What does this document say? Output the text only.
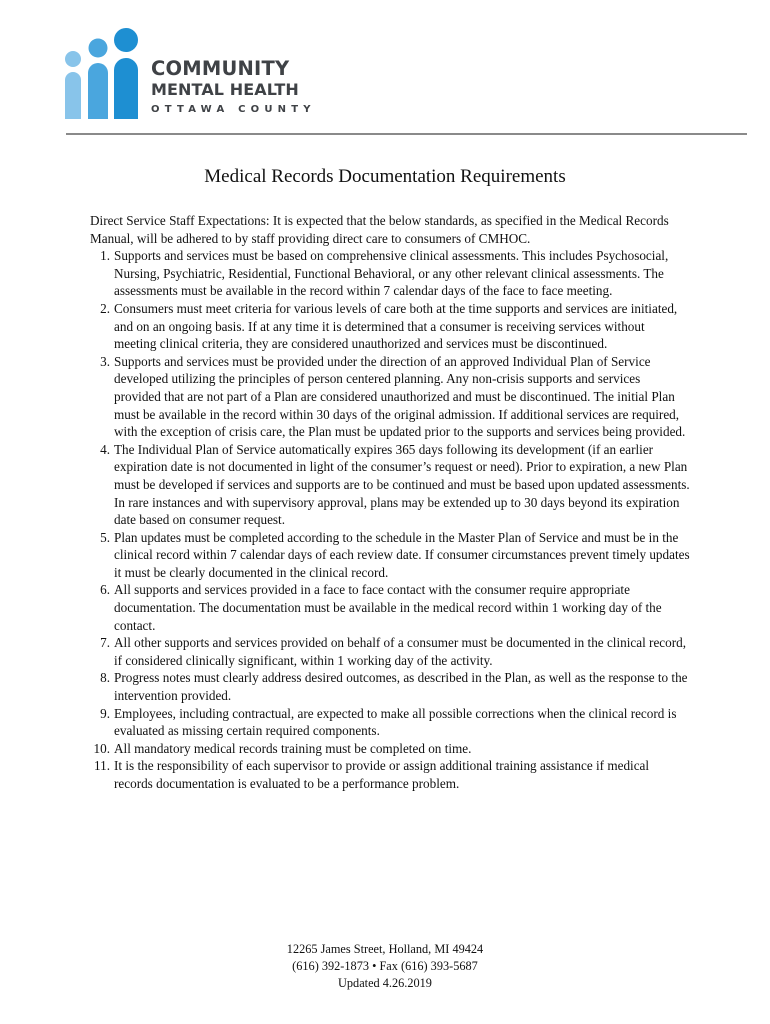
COMMUNITY
MENTAL HEALTH
OTTAWA COUNTY
Medical Records Documentation Requirements

Direct Service Staff Expectations: It is expected that the below standards, as specified in the Medical Records Manual, will be adhered to by staff providing direct care to consumers of CMHOC.

1. Supports and services must be based on comprehensive clinical assessments. This includes Psychosocial, Nursing, Psychiatric, Residential, Functional Behavioral, or any other relevant clinical assessments. The assessments must be available in the record within 7 calendar days of the face to face meeting.
2. Consumers must meet criteria for various levels of care both at the time supports and services are initiated, and on an ongoing basis. If at any time it is determined that a consumer is receiving services without meeting clinical criteria, they are considered unauthorized and services must be discontinued.
3. Supports and services must be provided under the direction of an approved Individual Plan of Service developed utilizing the principles of person centered planning. Any non-crisis supports and services provided that are not part of a Plan are considered unauthorized and must be discontinued. The initial Plan must be available in the record within 30 days of the original admission. If additional services are required, with the exception of crisis care, the Plan must be updated prior to the supports and services being provided.
4. The Individual Plan of Service automatically expires 365 days following its development (if an earlier expiration date is not documented in light of the consumer’s request or need). Prior to expiration, a new Plan must be developed if services and supports are to be continued and must be based upon updated assessments. In rare instances and with supervisory approval, plans may be extended up to 30 days beyond its expiration date based on consumer request.
5. Plan updates must be completed according to the schedule in the Master Plan of Service and must be in the clinical record within 7 calendar days of each review date. If consumer circumstances prevent timely updates it must be clearly documented in the clinical record.
6. All supports and services provided in a face to face contact with the consumer require appropriate documentation. The documentation must be available in the medical record within 1 working day of the contact.
7. All other supports and services provided on behalf of a consumer must be documented in the clinical record, if considered clinically significant, within 1 working day of the activity.
8. Progress notes must clearly address desired outcomes, as described in the Plan, as well as the response to the intervention provided.
9. Employees, including contractual, are expected to make all possible corrections when the clinical record is evaluated as missing certain required components.
10. All mandatory medical records training must be completed on time.
11. It is the responsibility of each supervisor to provide or assign additional training assistance if medical records documentation is evaluated to be a performance problem.
12265 James Street, Holland, MI 49424
(616) 392-1873 • Fax (616) 393-5687
Updated 4.26.2019
